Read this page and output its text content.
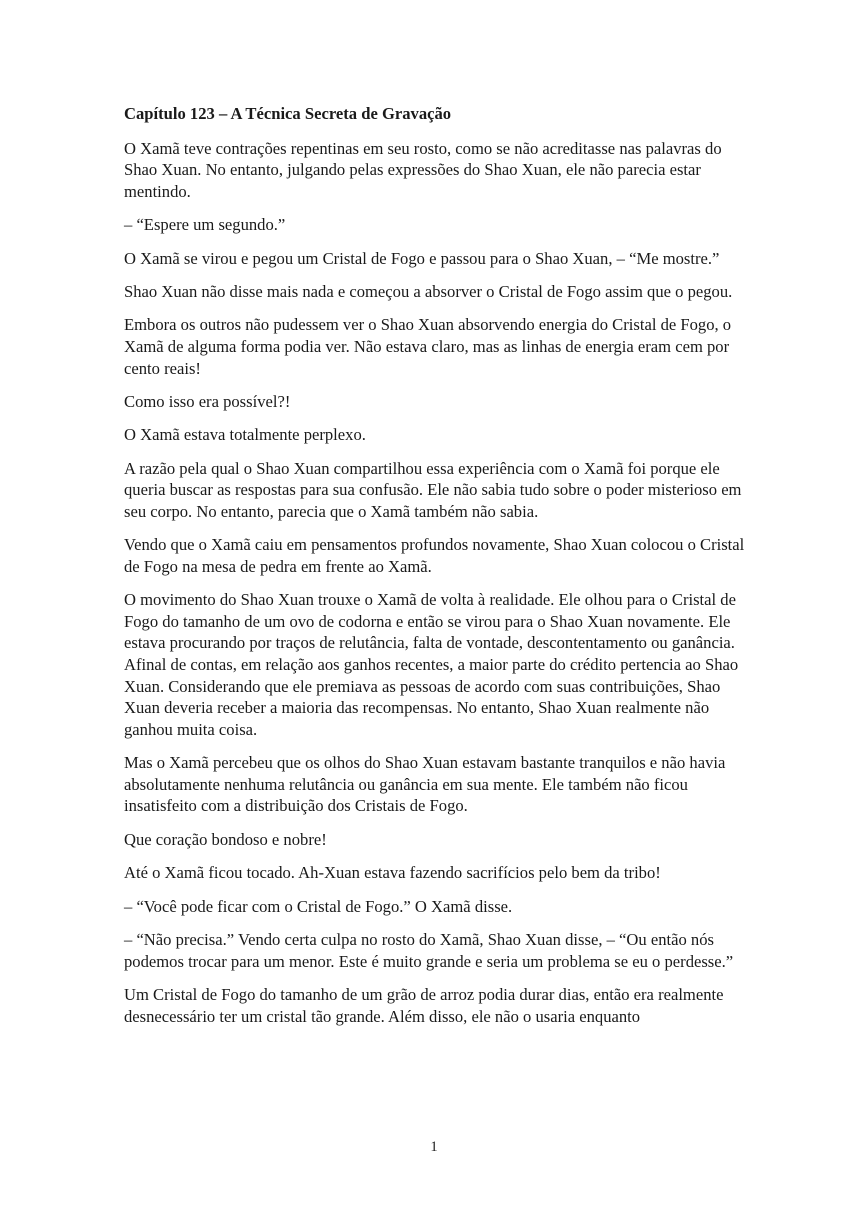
Capítulo 123 – A Técnica Secreta de Gravação

O Xamã teve contrações repentinas em seu rosto, como se não acreditasse nas palavras do Shao Xuan. No entanto, julgando pelas expressões do Shao Xuan, ele não parecia estar mentindo.

– “Espere um segundo.”

O Xamã se virou e pegou um Cristal de Fogo e passou para o Shao Xuan, – “Me mostre.”

Shao Xuan não disse mais nada e começou a absorver o Cristal de Fogo assim que o pegou.

Embora os outros não pudessem ver o Shao Xuan absorvendo energia do Cristal de Fogo, o Xamã de alguma forma podia ver. Não estava claro, mas as linhas de energia eram cem por cento reais!

Como isso era possível?!

O Xamã estava totalmente perplexo.

A razão pela qual o Shao Xuan compartilhou essa experiência com o Xamã foi porque ele queria buscar as respostas para sua confusão. Ele não sabia tudo sobre o poder misterioso em seu corpo. No entanto, parecia que o Xamã também não sabia.

Vendo que o Xamã caiu em pensamentos profundos novamente, Shao Xuan colocou o Cristal de Fogo na mesa de pedra em frente ao Xamã.

O movimento do Shao Xuan trouxe o Xamã de volta à realidade. Ele olhou para o Cristal de Fogo do tamanho de um ovo de codorna e então se virou para o Shao Xuan novamente. Ele estava procurando por traços de relutância, falta de vontade, descontentamento ou ganância. Afinal de contas, em relação aos ganhos recentes, a maior parte do crédito pertencia ao Shao Xuan. Considerando que ele premiava as pessoas de acordo com suas contribuições, Shao Xuan deveria receber a maioria das recompensas. No entanto, Shao Xuan realmente não ganhou muita coisa.

Mas o Xamã percebeu que os olhos do Shao Xuan estavam bastante tranquilos e não havia absolutamente nenhuma relutância ou ganância em sua mente. Ele também não ficou insatisfeito com a distribuição dos Cristais de Fogo.

Que coração bondoso e nobre!

Até o Xamã ficou tocado. Ah-Xuan estava fazendo sacrifícios pelo bem da tribo!

– “Você pode ficar com o Cristal de Fogo.” O Xamã disse.

– “Não precisa.” Vendo certa culpa no rosto do Xamã, Shao Xuan disse, – “Ou então nós podemos trocar para um menor. Este é muito grande e seria um problema se eu o perdesse.”

Um Cristal de Fogo do tamanho de um grão de arroz podia durar dias, então era realmente desnecessário ter um cristal tão grande. Além disso, ele não o usaria enquanto

1
